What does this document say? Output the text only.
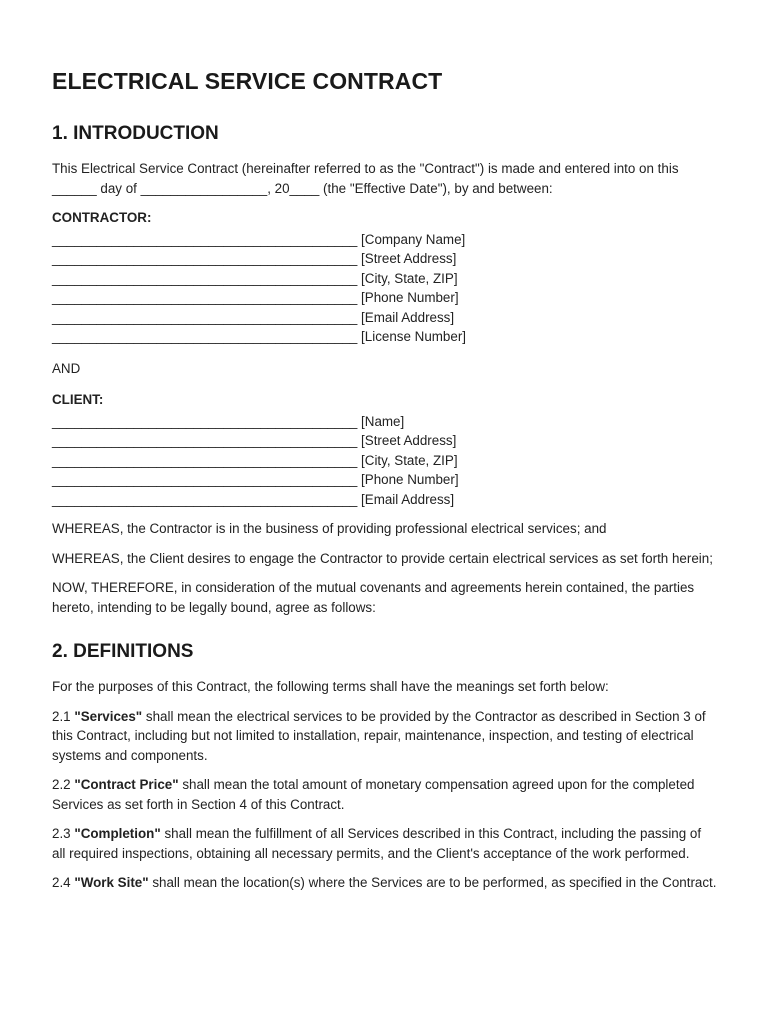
ELECTRICAL SERVICE CONTRACT
1. INTRODUCTION

This Electrical Service Contract (hereinafter referred to as the "Contract") is made and entered into on this ______ day of _________________, 20____ (the "Effective Date"), by and between:

CONTRACTOR:
_________________________________________ [Company Name]
_________________________________________ [Street Address]
_________________________________________ [City, State, ZIP]
_________________________________________ [Phone Number]
_________________________________________ [Email Address]
_________________________________________ [License Number]

AND

CLIENT:
_________________________________________ [Name]
_________________________________________ [Street Address]
_________________________________________ [City, State, ZIP]
_________________________________________ [Phone Number]
_________________________________________ [Email Address]

WHEREAS, the Contractor is in the business of providing professional electrical services; and

WHEREAS, the Client desires to engage the Contractor to provide certain electrical services as set forth herein;

NOW, THEREFORE, in consideration of the mutual covenants and agreements herein contained, the parties hereto, intending to be legally bound, agree as follows:

2. DEFINITIONS

For the purposes of this Contract, the following terms shall have the meanings set forth below:

2.1 "Services" shall mean the electrical services to be provided by the Contractor as described in Section 3 of this Contract, including but not limited to installation, repair, maintenance, inspection, and testing of electrical systems and components.

2.2 "Contract Price" shall mean the total amount of monetary compensation agreed upon for the completed Services as set forth in Section 4 of this Contract.

2.3 "Completion" shall mean the fulfillment of all Services described in this Contract, including the passing of all required inspections, obtaining all necessary permits, and the Client's acceptance of the work performed.

2.4 "Work Site" shall mean the location(s) where the Services are to be performed, as specified in the Contract.
